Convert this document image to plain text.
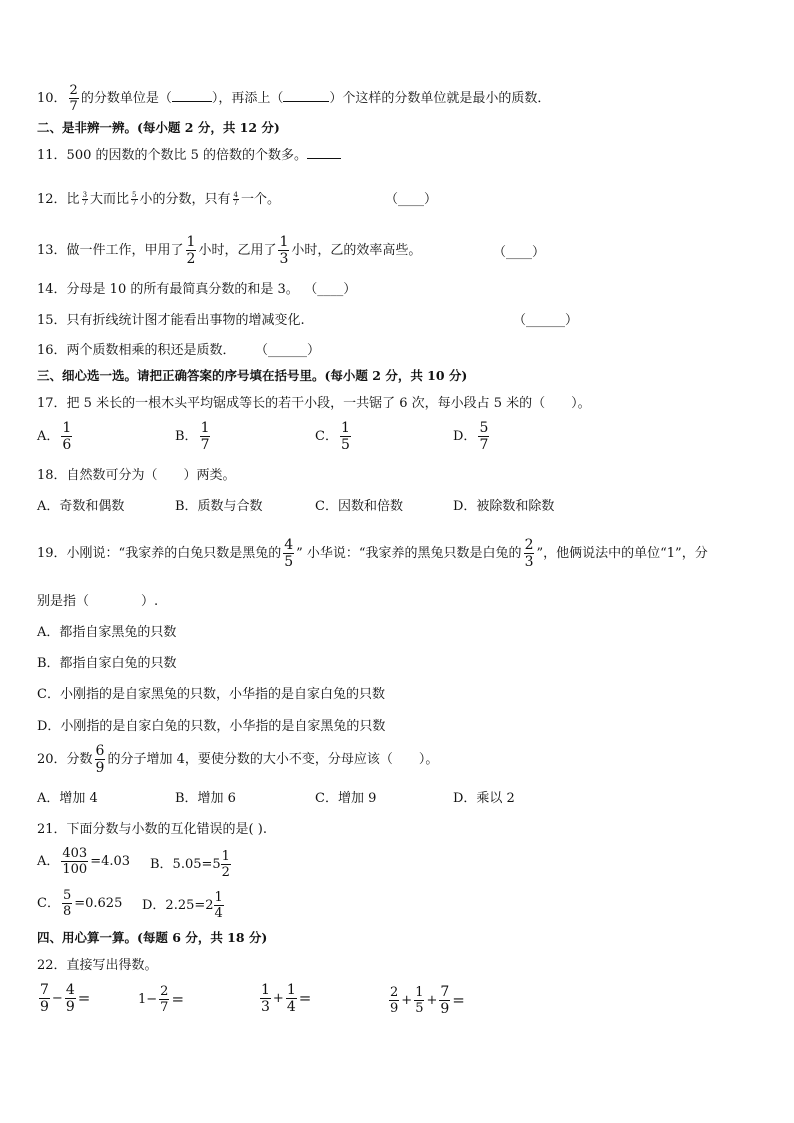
10． $\frac{2}{7}$ 的分数单位是（	），再添上（	）个这样的分数单位就是最小的质数．
二、是非辨一辨。(每小题 2 分，共 12 分)
11．500 的因数的个数比 5 的倍数的个数多。
12．比 $\frac{3}{7}$ 大而比 $\frac{5}{7}$ 小的分数，只有 $\frac{4}{7}$ 一个。	（____）
13．做一件工作，甲用了 $\frac{1}{2}$ 小时，乙用了 $\frac{1}{3}$ 小时，乙的效率高些。	（____）
14．分母是 10 的所有最简真分数的和是 3。 （____）
15．只有折线统计图才能看出事物的增减变化.	（______）
16．两个质数相乘的积还是质数． （______）
三、细心选一选。请把正确答案的序号填在括号里。(每小题 2 分，共 10 分)
17．把 5 米长的一根木头平均锯成等长的若干小段，一共锯了 6 次，每小段占 5 米的（　　）。
A． $\frac{1}{6}$	B． $\frac{1}{7}$	C． $\frac{1}{5}$	D． $\frac{5}{7}$
18．自然数可分为（　　）两类。
A．奇数和偶数	B．质数与合数	C．因数和倍数	D．被除数和除数
19．小刚说：“我家养的白兔只数是黑兔的 $\frac{4}{5}$ ” 小华说：“我家养的黑兔只数是白兔的 $\frac{2}{3}$ ”，他俩说法中的单位“1”，分
别是指（　　　　）.
A．都指自家黑兔的只数
B．都指自家白兔的只数
C．小刚指的是自家黑兔的只数，小华指的是自家白兔的只数
D．小刚指的是自家白兔的只数，小华指的是自家黑兔的只数
20．分数 $\frac{6}{9}$ 的分子增加 4，要使分数的大小不变，分母应该（　　）。
A．增加 4	B．增加 6	C．增加 9	D．乘以 2
21．下面分数与小数的互化错误的是( ).
A． $\frac{403}{100} =4.03$ B．$5.05=5 \frac{1}{2}$
C． $\frac{5}{8} =0.625$ D．$2.25=2 \frac{1}{4}$
四、用心算一算。(每题 6 分，共 18 分)
22．直接写出得数。
$\frac{7}{9} - \frac{4}{9}$ =	$1- \frac{2}{7}$ =	$\frac{1}{3} + \frac{1}{4}$ =	$\frac{2}{9} + \frac{1}{5} + \frac{7}{9}$ =
